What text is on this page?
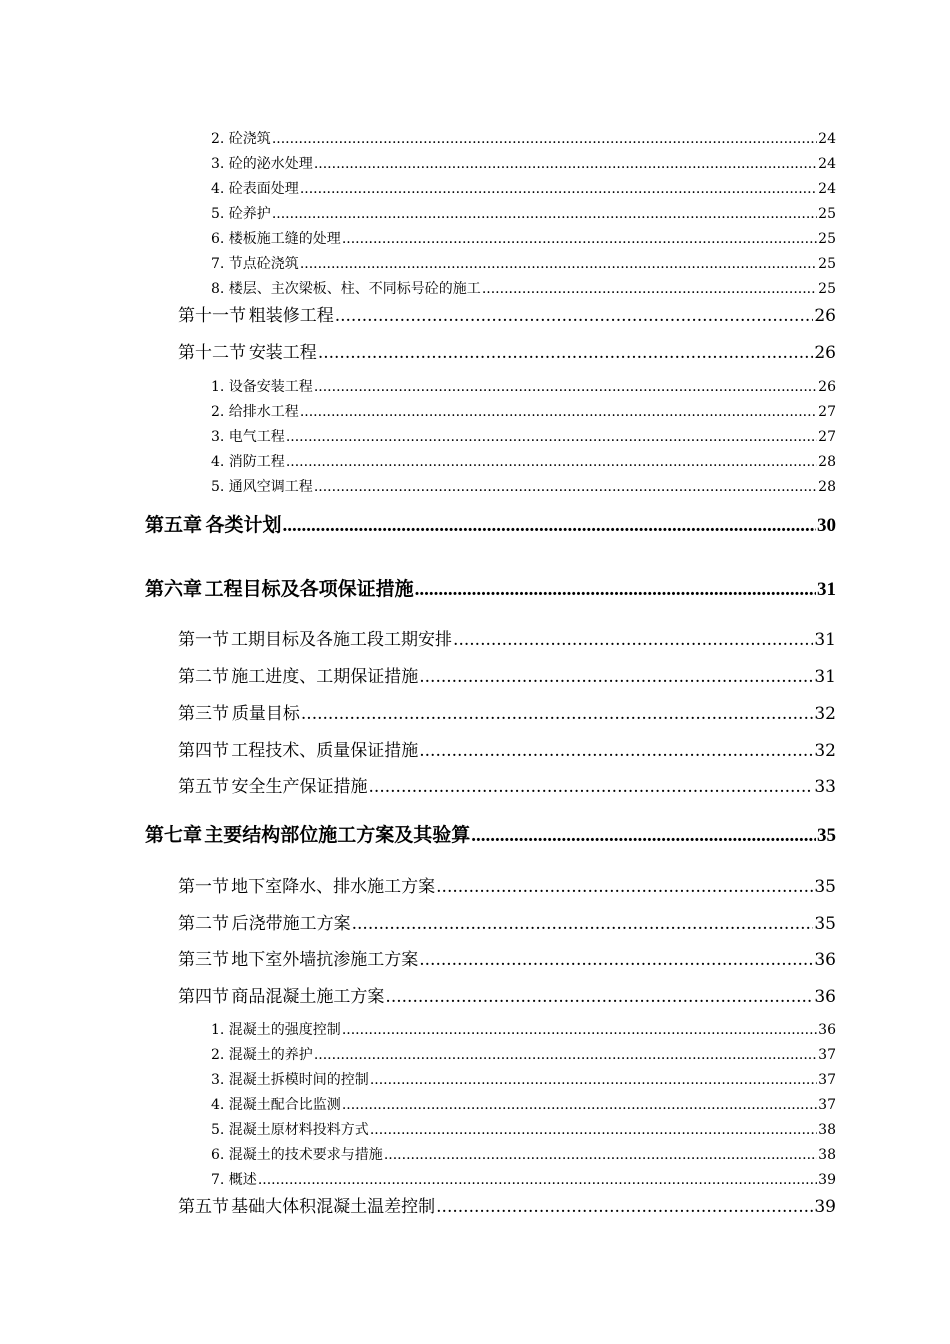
2. 砼浇筑 .....	24
3. 砼的泌水处理 .....	24
4. 砼表面处理 .....	24
5. 砼养护 .....	25
6. 楼板施工缝的处理 .....	25
7. 节点砼浇筑 .....	25
8. 楼层、主次梁板、柱、不同标号砼的施工 .....	25
第十一节 粗装修工程 .....	26
第十二节 安装工程 .....	26
1. 设备安装工程 .....	26
2. 给排水工程 .....	27
3. 电气工程 .....	27
4. 消防工程 .....	28
5. 通风空调工程 .....	28
第五章 各类计划 .....	30
第六章 工程目标及各项保证措施 .....	31
第一节 工期目标及各施工段工期安排 .....	31
第二节 施工进度、工期保证措施 .....	31
第三节 质量目标 .....	32
第四节 工程技术、质量保证措施 .....	32
第五节 安全生产保证措施 .....	33
第七章 主要结构部位施工方案及其验算 .....	35
第一节 地下室降水、排水施工方案 .....	35
第二节 后浇带施工方案 .....	35
第三节 地下室外墙抗渗施工方案 .....	36
第四节 商品混凝土施工方案 .....	36
1. 混凝土的强度控制 .....	36
2. 混凝土的养护 .....	37
3. 混凝土拆模时间的控制 .....	37
4. 混凝土配合比监测 .....	37
5. 混凝土原材料投料方式 .....	38
6. 混凝土的技术要求与措施 .....	38
7. 概述 .....	39
第五节 基础大体积混凝土温差控制 .....	39
